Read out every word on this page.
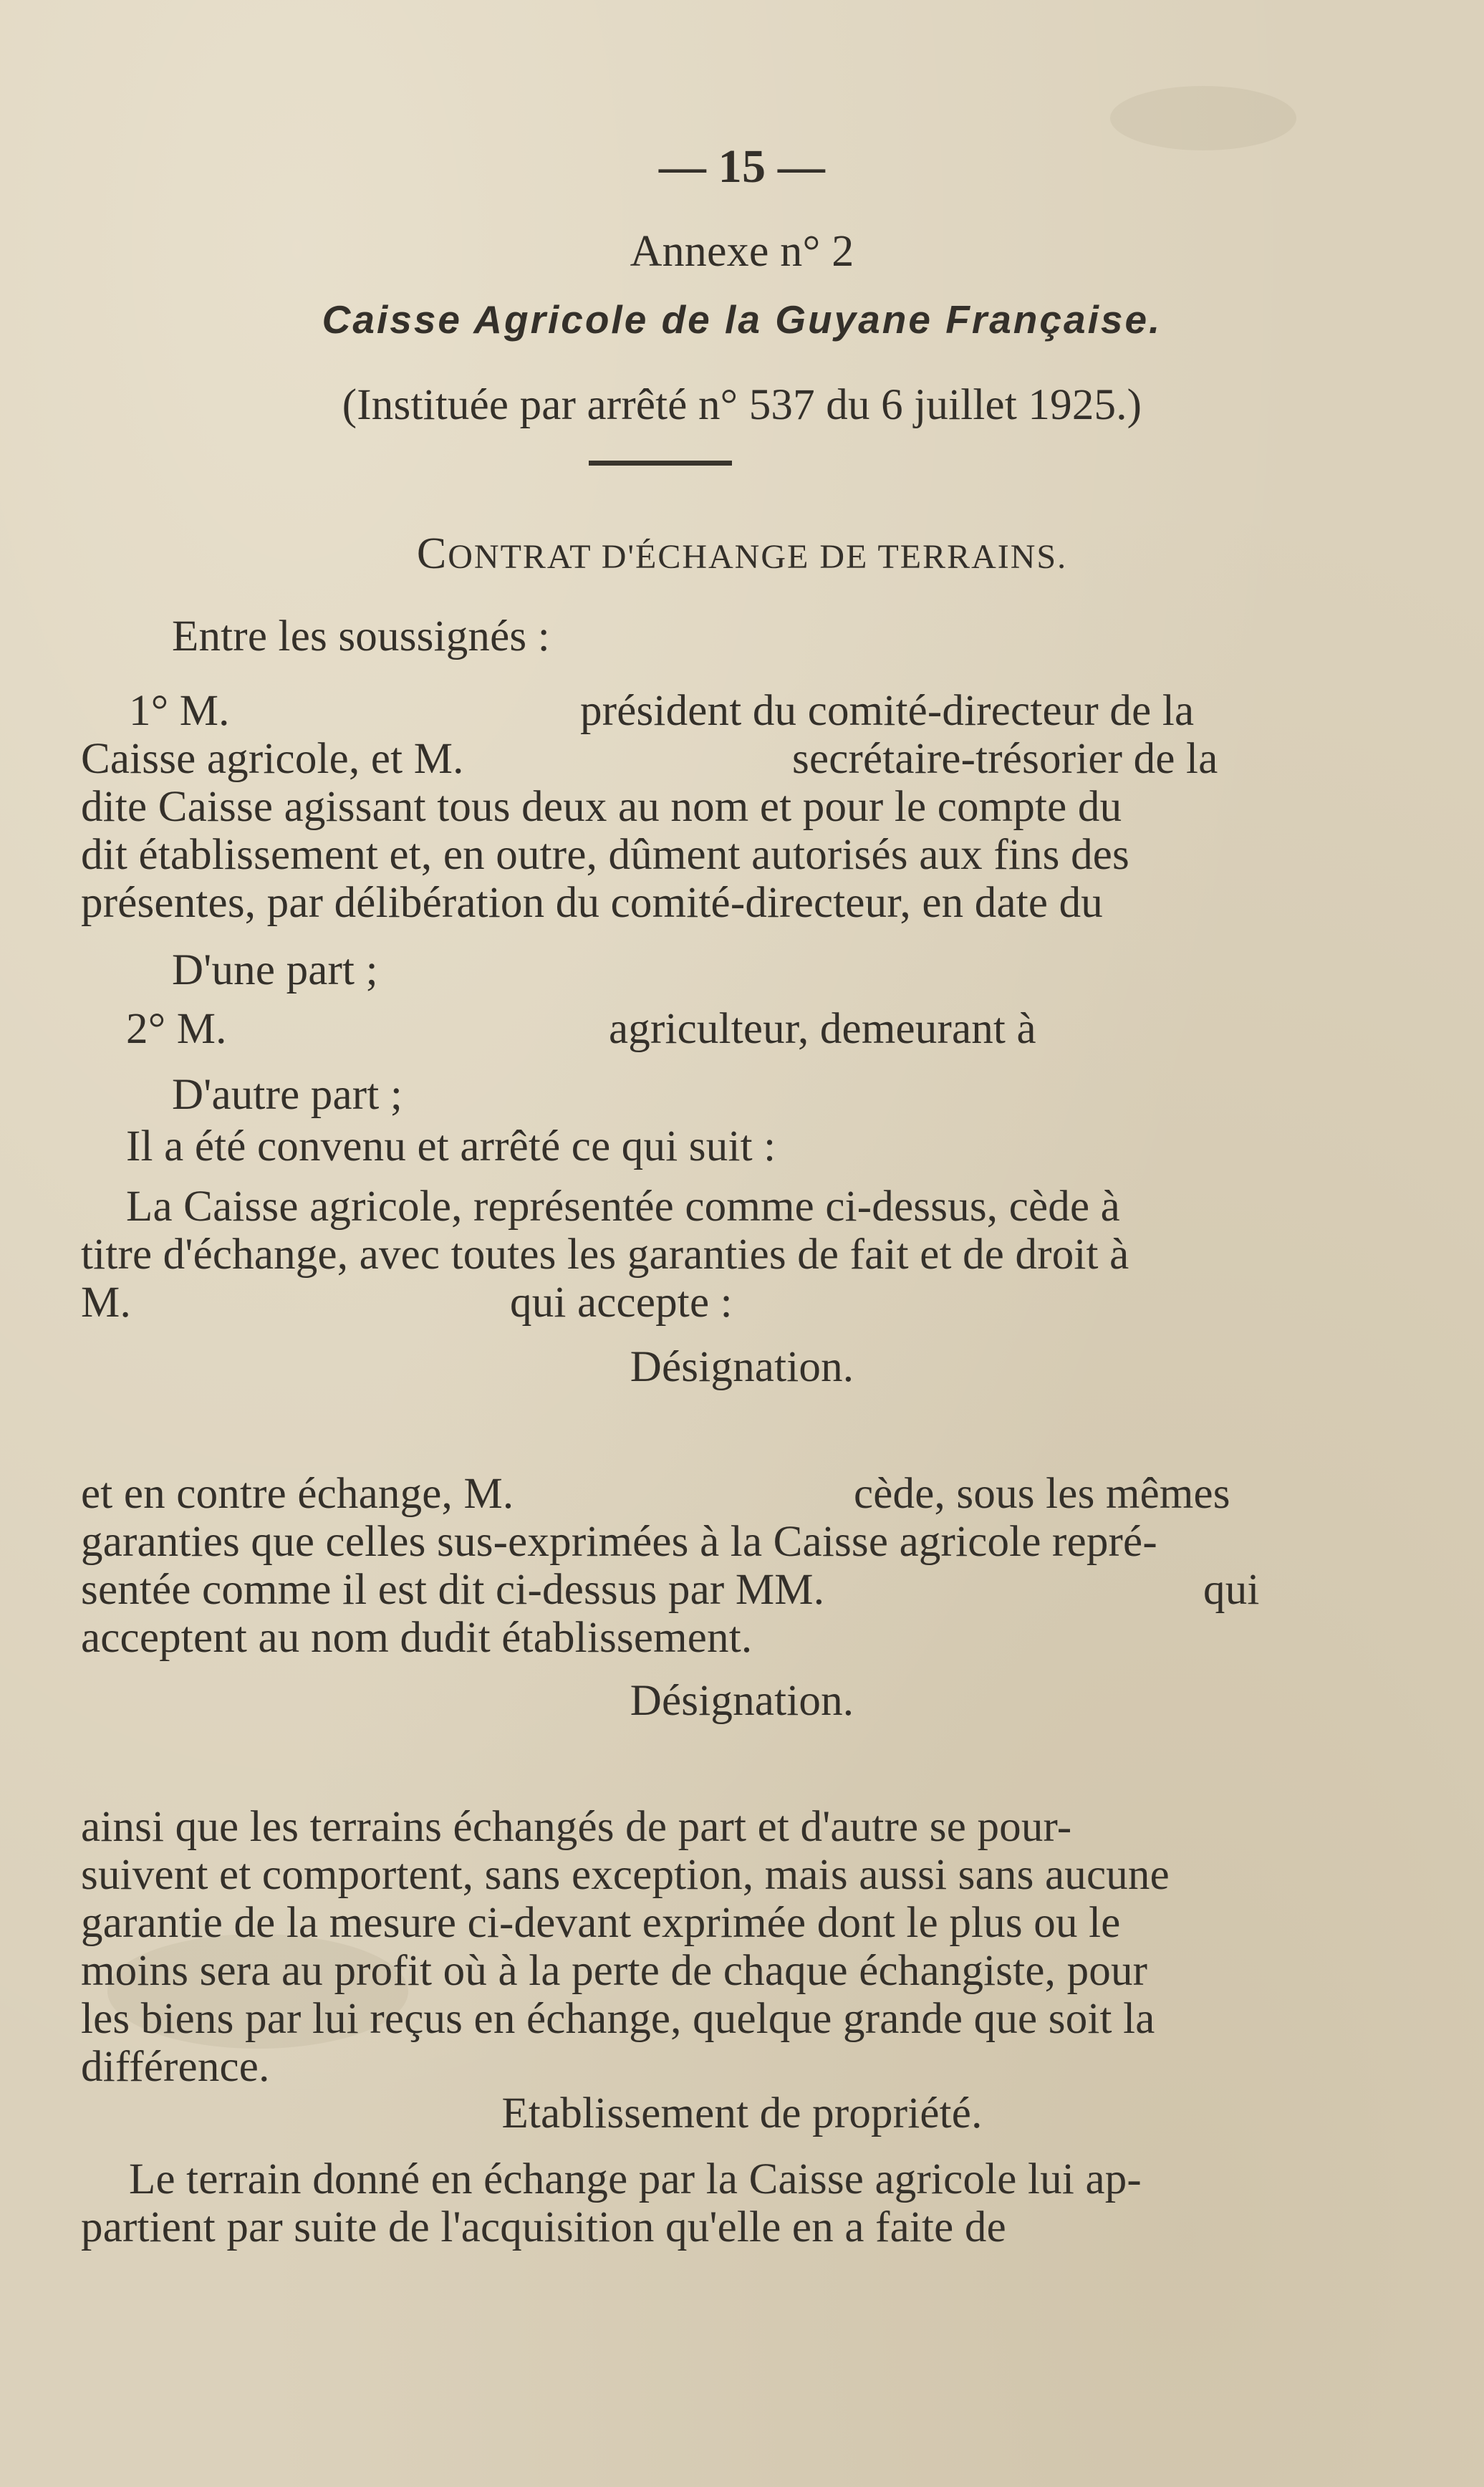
— 15 —
Annexe n° 2
Caisse Agricole de la Guyane Française.
(Instituée par arrêté n° 537 du 6 juillet 1925.)
CONTRAT D'ÉCHANGE DE TERRAINS.
Entre les soussignés :
1° M.	président du comité-directeur de la
Caisse agricole, et M.	secrétaire-trésorier de la
dite Caisse agissant tous deux au nom et pour le compte du
dit établissement et, en outre, dûment autorisés aux fins des
présentes, par délibération du comité-directeur, en date du
D'une part ;
2° M.	agriculteur, demeurant à
D'autre part ;
Il a été convenu et arrêté ce qui suit :
La Caisse agricole, représentée comme ci-dessus, cède à
titre d'échange, avec toutes les garanties de fait et de droit à
M.	qui accepte :
Désignation.
et en contre échange, M.	cède, sous les mêmes
garanties que celles sus-exprimées à la Caisse agricole repré-
sentée comme il est dit ci-dessus par MM.	qui
acceptent au nom dudit établissement.
Désignation.
ainsi que les terrains échangés de part et d'autre se pour-
suivent et comportent, sans exception, mais aussi sans aucune
garantie de la mesure ci-devant exprimée dont le plus ou le
moins sera au profit où à la perte de chaque échangiste, pour
les biens par lui reçus en échange, quelque grande que soit la
différence.
Etablissement de propriété.
Le terrain donné en échange par la Caisse agricole lui ap-
partient par suite de l'acquisition qu'elle en a faite de
